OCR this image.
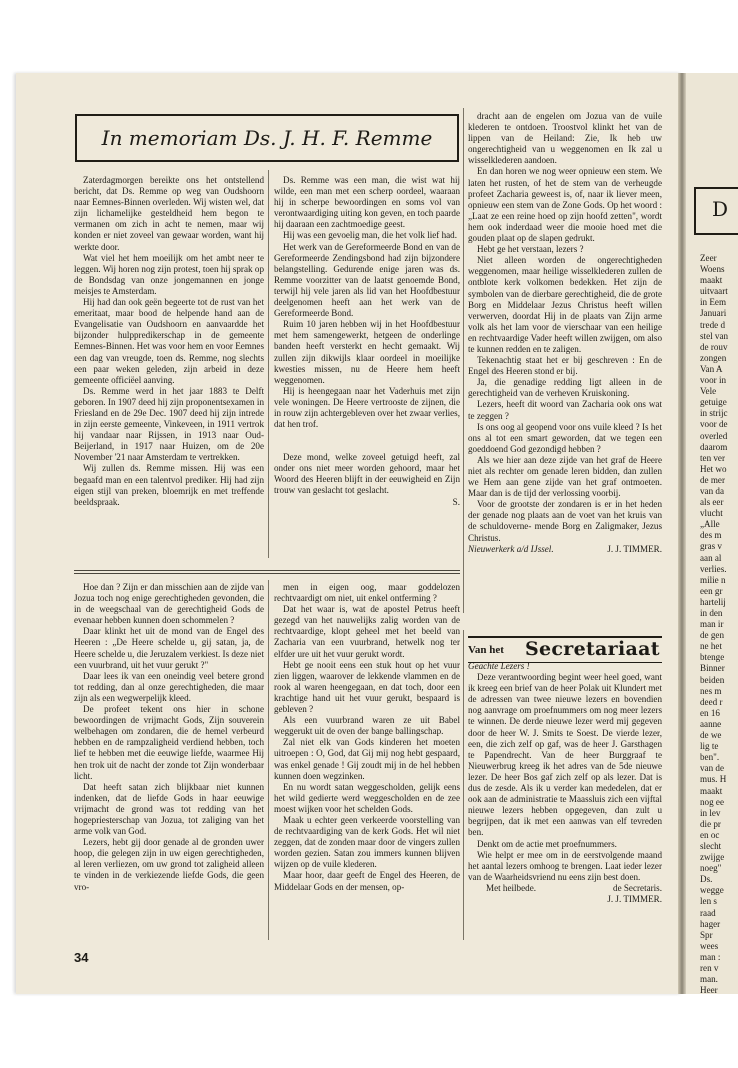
D
Zeer
Woens
maakt
uitvaart
in Eem
Januari
trede d
stel van
de rouv
zongen
Van A
voor in
Vele
getuige
in strijc
voor de
overled
daarom
ten ver
Het wo
de mer
van da
als eer
vlucht
„Alle
des m
gras v
aan al
verlies.
milie n
een gr
hartelij
in den
man ir
de gen
ne het
btenge
Binner
beiden
nes m
deed r
en 16
aanne
de we
lig te
ben".
van de
mus. H
maakt
nog ee
in lev
die pr
en oc
slecht
zwijge
noeg"
Ds.
wegge
len s
raad
hager
Spr
wees
man :
ren v
man.
Heer
In memoriam Ds. J. H. F. Remme

Zaterdagmorgen bereikte ons het ontstellend bericht, dat Ds. Remme op weg van Oudshoorn naar Eemnes-Binnen overleden. Wij wisten wel, dat zijn lichamelijke gesteldheid hem begon te vermanen om zich in acht te nemen, maar wij konden er niet zoveel van gewaar worden, want hij werkte door.

Wat viel het hem moeilijk om het ambt neer te leggen. Wij horen nog zijn protest, toen hij sprak op de Bondsdag van onze jongemannen en jonge meisjes te Amsterdam.

Hij had dan ook geën begeerte tot de rust van het emeritaat, maar bood de helpende hand aan de Evangelisatie van Oudshoorn en aanvaardde het bijzonder hulppredikerschap in de gemeente Eemnes-Binnen. Het was voor hem en voor Eemnes een dag van vreugde, toen ds. Remme, nog slechts een paar weken geleden, zijn arbeid in deze gemeente officiëel aanving.

Ds. Remme werd in het jaar 1883 te Delft geboren. In 1907 deed hij zijn proponentsexamen in Friesland en de 29e Dec. 1907 deed hij zijn intrede in zijn eerste gemeente, Vinkeveen, in 1911 vertrok hij vandaar naar Rijssen, in 1913 naar Oud-Beijerland, in 1917 naar Huizen, om de 20e November '21 naar Amsterdam te vertrekken.

Wij zullen ds. Remme missen. Hij was een begaafd man en een talentvol prediker. Hij had zijn eigen stijl van preken, bloemrijk en met treffende beeldspraak.

Ds. Remme was een man, die wist wat hij wilde, een man met een scherp oordeel, waaraan hij in scherpe bewoordingen en soms vol van verontwaardiging uiting kon geven, en toch paarde hij daaraan een zachtmoedige geest.

Hij was een gevoelig man, die het volk lief had.

Het werk van de Gereformeerde Bond en van de Gereformeerde Zendingsbond had zijn bijzondere belangstelling. Gedurende enige jaren was ds. Remme voorzitter van de laatst genoemde Bond, terwijl hij vele jaren als lid van het Hoofdbestuur deelgenomen heeft aan het werk van de Gereformeerde Bond.

Ruim 10 jaren hebben wij in het Hoofdbestuur met hem samengewerkt, hetgeen de onderlinge banden heeft versterkt en hecht gemaakt. Wij zullen zijn dikwijls klaar oordeel in moeilijke kwesties missen, nu de Heere hem heeft weggenomen.

Hij is heengegaan naar het Vaderhuis met zijn vele woningen. De Heere vertrooste de zijnen, die in rouw zijn achtergebleven over het zwaar verlies, dat hen trof.

Deze mond, welke zoveel getuigd heeft, zal onder ons niet meer worden gehoord, maar het Woord des Heeren blijft in der eeuwigheid en Zijn trouw van geslacht tot geslacht.

S.

dracht aan de engelen om Jozua van de vuile klederen te ontdoen. Troostvol klinkt het van de lippen van de Heiland: Zie, Ik heb uw ongerechtigheid van u weggenomen en Ik zal u wisselklederen aandoen.

En dan horen we nog weer opnieuw een stem. We laten het rusten, of het de stem van de verheugde profeet Zacharia geweest is, of, naar ik liever meen, opnieuw een stem van de Zone Gods. Op het woord : „Laat ze een reine hoed op zijn hoofd zetten", wordt hem ook inderdaad weer die mooie hoed met die gouden plaat op de slapen gedrukt.

Hebt ge het verstaan, lezers ?

Niet alleen worden de ongerechtigheden weggenomen, maar heilige wisselklederen zullen de ontblote kerk volkomen bedekken. Het zijn de symbolen van de dierbare gerechtigheid, die de grote Borg en Middelaar Jezus Christus heeft willen verwerven, doordat Hij in de plaats van Zijn arme volk als het lam voor de vierschaar van een heilige en rechtvaardige Vader heeft willen zwijgen, om also te kunnen redden en te zaligen.

Tekenachtig staat het er bij geschreven : En de Engel des Heeren stond er bij.

Ja, die genadige redding ligt alleen in de gerechtigheid van de verheven Kruiskoning.

Lezers, heeft dit woord van Zacharia ook ons wat te zeggen ?

Is ons oog al geopend voor ons vuile kleed ? Is het ons al tot een smart geworden, dat we tegen een goeddoend God gezondigd hebben ?

Als we hier aan deze zijde van het graf de Heere niet als rechter om genade leren bidden, dan zullen we Hem aan gene zijde van het graf ontmoeten. Maar dan is de tijd der verlossing voorbij.

Voor de grootste der zondaren is er in het heden der genade nog plaats aan de voet van het kruis van de schuldoverne- mende Borg en Zaligmaker, Jezus Christus.

Nieuwerkerk a/d IJssel.	J. J. TIMMER.

Hoe dan ? Zijn er dan misschien aan de zijde van Jozua toch nog enige gerechtigheden gevonden, die in de weegschaal van de gerechtigheid Gods de evenaar hebben kunnen doen schommelen ?

Daar klinkt het uit de mond van de Engel des Heeren : „De Heere schelde u, gij satan, ja, de Heere schelde u, die Jeruzalem verkiest. Is deze niet een vuurbrand, uit het vuur gerukt ?"

Daar lees ik van een oneindig veel betere grond tot redding, dan al onze gerechtigheden, die maar zijn als een wegwerpelijk kleed.

De profeet tekent ons hier in schone bewoordingen de vrijmacht Gods, Zijn souverein welbehagen om zondaren, die de hemel verbeurd hebben en de rampzaligheid verdiend hebben, toch lief te hebben met die eeuwige liefde, waarmee Hij hen trok uit de nacht der zonde tot Zijn wonderbaar licht.

Dat heeft satan zich blijkbaar niet kunnen indenken, dat de liefde Gods in haar eeuwige vrijmacht de grond was tot redding van het hogepriesterschap van Jozua, tot zaliging van het arme volk van God.

Lezers, hebt gij door genade al de gronden uwer hoop, die gelegen zijn in uw eigen gerechtigheden, al leren verliezen, om uw grond tot zaligheid alleen te vinden in de verkiezende liefde Gods, die geen vro-

men in eigen oog, maar goddelozen rechtvaardigt om niet, uit enkel ontferming ?

Dat het waar is, wat de apostel Petrus heeft gezegd van het nauwelijks zalig worden van de rechtvaardige, klopt geheel met het beeld van Zacharia van een vuurbrand, hetwelk nog ter elfder ure uit het vuur gerukt wordt.

Hebt ge nooit eens een stuk hout op het vuur zien liggen, waarover de lekkende vlammen en de rook al waren heengegaan, en dat toch, door een krachtige hand uit het vuur gerukt, bespaard is gebleven ?

Als een vuurbrand waren ze uit Babel weggerukt uit de oven der bange ballingschap.

Zal niet elk van Gods kinderen het moeten uitroepen : O, God, dat Gij mij nog hebt gespaard, was enkel genade ! Gij zoudt mij in de hel hebben kunnen doen wegzinken.

En nu wordt satan weggescholden, gelijk eens het wild gedierte werd weggescholden en de zee moest wijken voor het schelden Gods.

Maak u echter geen verkeerde voorstelling van de rechtvaardiging van de kerk Gods. Het wil niet zeggen, dat de zonden maar door de vingers zullen worden gezien. Satan zou immers kunnen blijven wijzen op de vuile klederen.

Maar hoor, daar geeft de Engel des Heeren, de Middelaar Gods en der mensen, op-

Van het Secretariaat
Geachte Lezers !

Deze verantwoording begint weer heel goed, want ik kreeg een brief van de heer Polak uit Klundert met de adressen van twee nieuwe lezers en bovendien nog aanvrage om proefnummers om nog meer lezers te winnen. De derde nieuwe lezer werd mij gegeven door de heer W. J. Smits te Soest. De vierde lezer, een, die zich zelf op gaf, was de heer J. Garsthagen te Papendrecht. Van de heer Burggraaf te Nieuwerbrug kreeg ik het adres van de 5de nieuwe lezer. De heer Bos gaf zich zelf op als lezer. Dat is dus de zesde. Als ik u verder kan mededelen, dat er ook aan de administratie te Maassluis zich een vijftal nieuwe lezers hebben opgegeven, dan zult u begrijpen, dat ik met een aanwas van elf tevreden ben.

Denkt om de actie met proefnummers.

Wie helpt er mee om in de eerstvolgende maand het aantal lezers omhoog te brengen. Laat ieder lezer van de Waarheidsvriend nu eens zijn best doen.

Met heilbede.	de Secretaris.
J. J. TIMMER.
34
